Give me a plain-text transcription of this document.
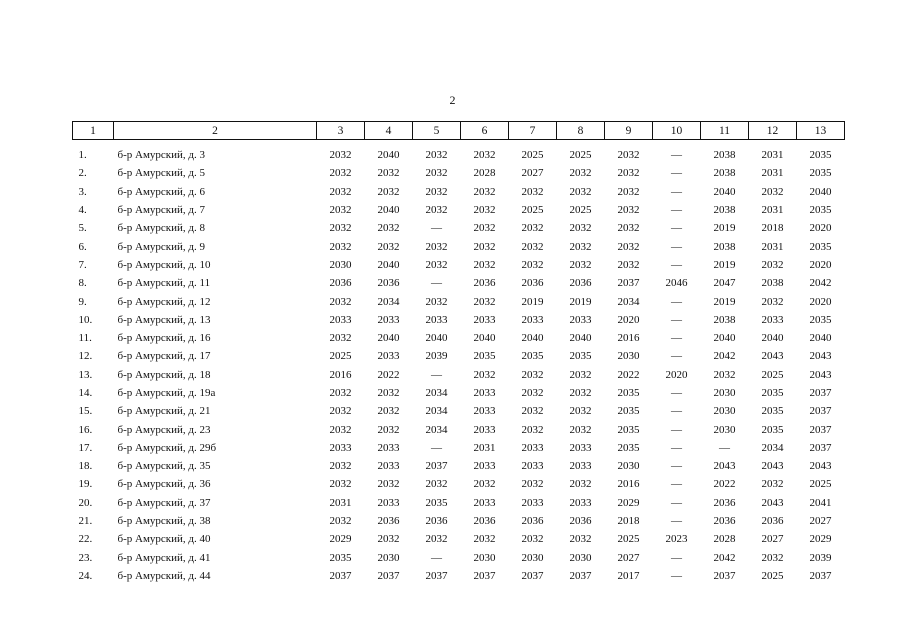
2
1	2	3	4	5	6	7	8	9	10	11	12	13

1.	б-р Амурский, д. 3	2032	2040	2032	2032	2025	2025	2032	—	2038	2031	2035
2.	б-р Амурский, д. 5	2032	2032	2032	2028	2027	2032	2032	—	2038	2031	2035
3.	б-р Амурский, д. 6	2032	2032	2032	2032	2032	2032	2032	—	2040	2032	2040
4.	б-р Амурский, д. 7	2032	2040	2032	2032	2025	2025	2032	—	2038	2031	2035
5.	б-р Амурский, д. 8	2032	2032	—	2032	2032	2032	2032	—	2019	2018	2020
6.	б-р Амурский, д. 9	2032	2032	2032	2032	2032	2032	2032	—	2038	2031	2035
7.	б-р Амурский, д. 10	2030	2040	2032	2032	2032	2032	2032	—	2019	2032	2020
8.	б-р Амурский, д. 11	2036	2036	—	2036	2036	2036	2037	2046	2047	2038	2042
9.	б-р Амурский, д. 12	2032	2034	2032	2032	2019	2019	2034	—	2019	2032	2020
10.	б-р Амурский, д. 13	2033	2033	2033	2033	2033	2033	2020	—	2038	2033	2035
11.	б-р Амурский, д. 16	2032	2040	2040	2040	2040	2040	2016	—	2040	2040	2040
12.	б-р Амурский, д. 17	2025	2033	2039	2035	2035	2035	2030	—	2042	2043	2043
13.	б-р Амурский, д. 18	2016	2022	—	2032	2032	2032	2022	2020	2032	2025	2043
14.	б-р Амурский, д. 19а	2032	2032	2034	2033	2032	2032	2035	—	2030	2035	2037
15.	б-р Амурский, д. 21	2032	2032	2034	2033	2032	2032	2035	—	2030	2035	2037
16.	б-р Амурский, д. 23	2032	2032	2034	2033	2032	2032	2035	—	2030	2035	2037
17.	б-р Амурский, д. 29б	2033	2033	—	2031	2033	2033	2035	—	—	2034	2037
18.	б-р Амурский, д. 35	2032	2033	2037	2033	2033	2033	2030	—	2043	2043	2043
19.	б-р Амурский, д. 36	2032	2032	2032	2032	2032	2032	2016	—	2022	2032	2025
20.	б-р Амурский, д. 37	2031	2033	2035	2033	2033	2033	2029	—	2036	2043	2041
21.	б-р Амурский, д. 38	2032	2036	2036	2036	2036	2036	2018	—	2036	2036	2027
22.	б-р Амурский, д. 40	2029	2032	2032	2032	2032	2032	2025	2023	2028	2027	2029
23.	б-р Амурский, д. 41	2035	2030	—	2030	2030	2030	2027	—	2042	2032	2039
24.	б-р Амурский, д. 44	2037	2037	2037	2037	2037	2037	2017	—	2037	2025	2037
